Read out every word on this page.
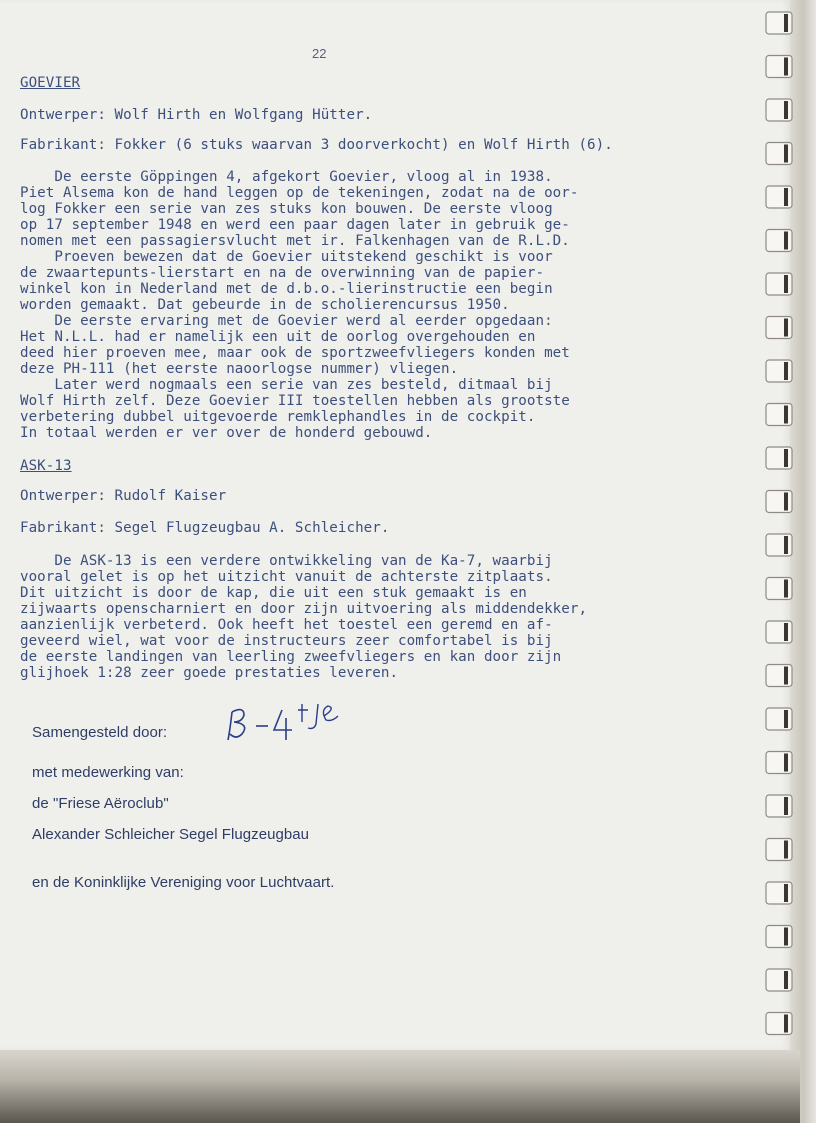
22

GOEVIER

Ontwerper: Wolf Hirth en Wolfgang Hütter.

Fabrikant: Fokker (6 stuks waarvan 3 doorverkocht) en Wolf Hirth (6).

De eerste Göppingen 4, afgekort Goevier, vloog al in 1938.

Piet Alsema kon de hand leggen op de tekeningen, zodat na de oor-

log Fokker een serie van zes stuks kon bouwen. De eerste vloog

op 17 september 1948 en werd een paar dagen later in gebruik ge-

nomen met een passagiersvlucht met ir. Falkenhagen van de R.L.D.

Proeven bewezen dat de Goevier uitstekend geschikt is voor

de zwaartepunts-lierstart en na de overwinning van de papier-

winkel kon in Nederland met de d.b.o.-lierinstructie een begin

worden gemaakt. Dat gebeurde in de scholierencursus 1950.

De eerste ervaring met de Goevier werd al eerder opgedaan:

Het N.L.L. had er namelijk een uit de oorlog overgehouden en

deed hier proeven mee, maar ook de sportzweefvliegers konden met

deze PH-111 (het eerste naoorlogse nummer) vliegen.

Later werd nogmaals een serie van zes besteld, ditmaal bij

Wolf Hirth zelf. Deze Goevier III toestellen hebben als grootste

verbetering dubbel uitgevoerde remklephandles in de cockpit.

In totaal werden er ver over de honderd gebouwd.

ASK-13

Ontwerper: Rudolf Kaiser

Fabrikant: Segel Flugzeugbau A. Schleicher.

De ASK-13 is een verdere ontwikkeling van de Ka-7, waarbij

vooral gelet is op het uitzicht vanuit de achterste zitplaats.

Dit uitzicht is door de kap, die uit een stuk gemaakt is en

zijwaarts openscharniert en door zijn uitvoering als middendekker,

aanzienlijk verbeterd. Ook heeft het toestel een geremd en af-

geveerd wiel, wat voor de instructeurs zeer comfortabel is bij

de eerste landingen van leerling zweefvliegers en kan door zijn

glijhoek 1:28 zeer goede prestaties leveren.

Samengesteld door:

met medewerking van:

de "Friese Aëroclub"

Alexander Schleicher Segel Flugzeugbau

en de Koninklijke Vereniging voor Luchtvaart.
